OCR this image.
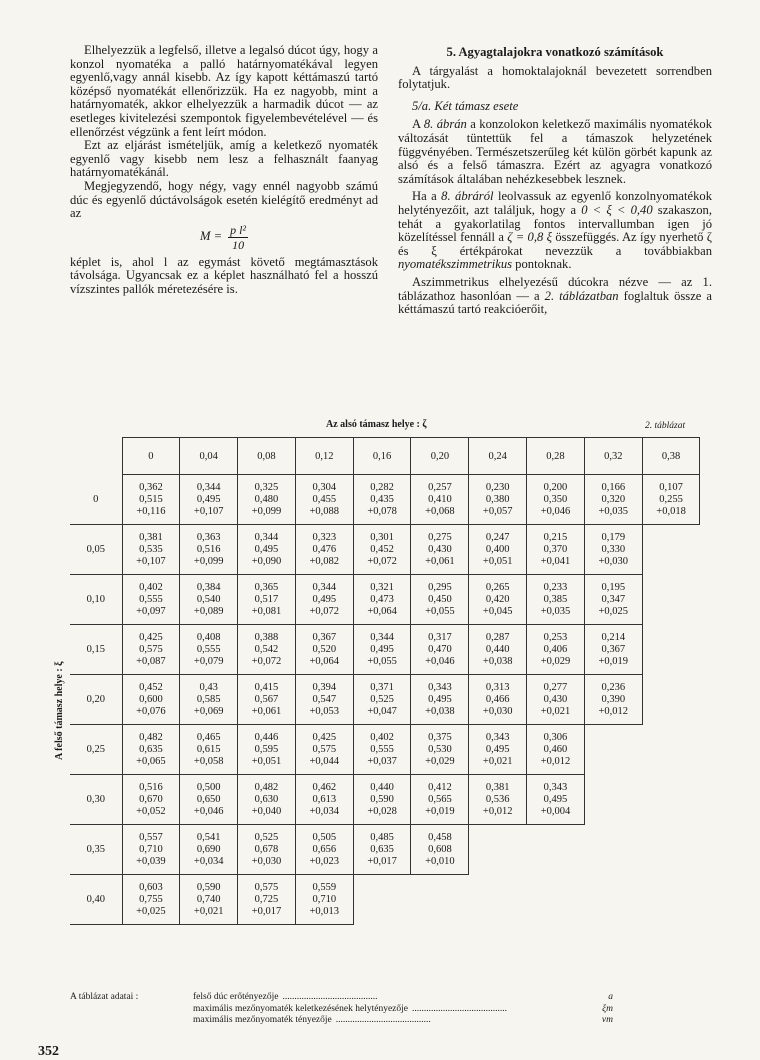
Elhelyezzük a legfelső, illetve a legalsó dúcot úgy, hogy a konzol nyomatéka a palló határnyomatékával legyen egyenlő,vagy annál kisebb. Az így kapott kéttámaszú tartó középső nyomatékát ellenőrizzük. Ha ez nagyobb, mint a határnyomaték, akkor elhelyezzük a harmadik dúcot — az esetleges kivitelezési szempontok figyelembevételével — és ellenőrzést végzünk a fent leírt módon.

Ezt az eljárást ismételjük, amíg a keletkező nyomaték egyenlő vagy kisebb nem lesz a felhasznált faanyag határnyomatékánál.

Megjegyzendő, hogy négy, vagy ennél nagyobb számú dúc és egyenlő dúctávolságok esetén kielégítő eredményt ad az

$M = \frac{\text{p l²}}{10}$

képlet is, ahol l az egymást követő megtámasztások távolsága. Ugyancsak ez a képlet használható fel a hosszú vízszintes pallók méretezésére is.

5. Agyagtalajokra vonatkozó számítások

A tárgyalást a homoktalajoknál bevezetett sorrendben folytatjuk.

5/a. Két támasz esete

A 8. ábrán a konzolokon keletkező maximális nyomatékok változását tüntettük fel a támaszok helyzetének függvényében. Természetszerűleg két külön görbét kapunk az alsó és a felső támaszra. Ezért az agyagra vonatkozó számítások általában nehézkesebbek lesznek.

Ha a 8. ábráról leolvassuk az egyenlő konzolnyomatékok helytényezőit, azt találjuk, hogy a 0 < ξ < 0,40 szakaszon, tehát a gyakorlatilag fontos intervallumban igen jó közelítéssel fennáll a ζ = 0,8 ξ összefüggés. Az így nyerhető ζ és ξ értékpárokat nevezzük a továbbiakban nyomatékszimmetrikus pontoknak.

Aszimmetrikus elhelyezésű dúcokra nézve — az 1. táblázathoz hasonlóan — a 2. táblázatban foglaltuk össze a kéttámaszú tartó reakcióerőit,

Az alsó támasz helye : ζ	2. táblázat
A felső támasz helye : ξ
	0	0,04	0,08	0,12	0,16	0,20	0,24	0,28	0,32	0,38
0	0,362
0,515
+0,116	0,344
0,495
+0,107	0,325
0,480
+0,099	0,304
0,455
+0,088	0,282
0,435
+0,078	0,257
0,410
+0,068	0,230
0,380
+0,057	0,200
0,350
+0,046	0,166
0,320
+0,035	0,107
0,255
+0,018

0,05	0,381
0,535
+0,107	0,363
0,516
+0,099	0,344
0,495
+0,090	0,323
0,476
+0,082	0,301
0,452
+0,072	0,275
0,430
+0,061	0,247
0,400
+0,051	0,215
0,370
+0,041	0,179
0,330
+0,030	

0,10	0,402
0,555
+0,097	0,384
0,540
+0,089	0,365
0,517
+0,081	0,344
0,495
+0,072	0,321
0,473
+0,064	0,295
0,450
+0,055	0,265
0,420
+0,045	0,233
0,385
+0,035	0,195
0,347
+0,025	

0,15	0,425
0,575
+0,087	0,408
0,555
+0,079	0,388
0,542
+0,072	0,367
0,520
+0,064	0,344
0,495
+0,055	0,317
0,470
+0,046	0,287
0,440
+0,038	0,253
0,406
+0,029	0,214
0,367
+0,019	

0,20	0,452
0,600
+0,076	0,43
0,585
+0,069	0,415
0,567
+0,061	0,394
0,547
+0,053	0,371
0,525
+0,047	0,343
0,495
+0,038	0,313
0,466
+0,030	0,277
0,430
+0,021	0,236
0,390
+0,012	

0,25	0,482
0,635
+0,065	0,465
0,615
+0,058	0,446
0,595
+0,051	0,425
0,575
+0,044	0,402
0,555
+0,037	0,375
0,530
+0,029	0,343
0,495
+0,021	0,306
0,460
+0,012		

0,30	0,516
0,670
+0,052	0,500
0,650
+0,046	0,482
0,630
+0,040	0,462
0,613
+0,034	0,440
0,590
+0,028	0,412
0,565
+0,019	0,381
0,536
+0,012	0,343
0,495
+0,004		

0,35	0,557
0,710
+0,039	0,541
0,690
+0,034	0,525
0,678
+0,030	0,505
0,656
+0,023	0,485
0,635
+0,017	0,458
0,608
+0,010				

0,40	0,603
0,755
+0,025	0,590
0,740
+0,021	0,575
0,725
+0,017	0,559
0,710
+0,013						

A táblázat adatai :	felső dúc erőtényezője ........................................	a
maximális mezőnyomaték keletkezésének helytényezője ........................................	ξm
maximális mezőnyomaték tényezője ........................................	νm
352
